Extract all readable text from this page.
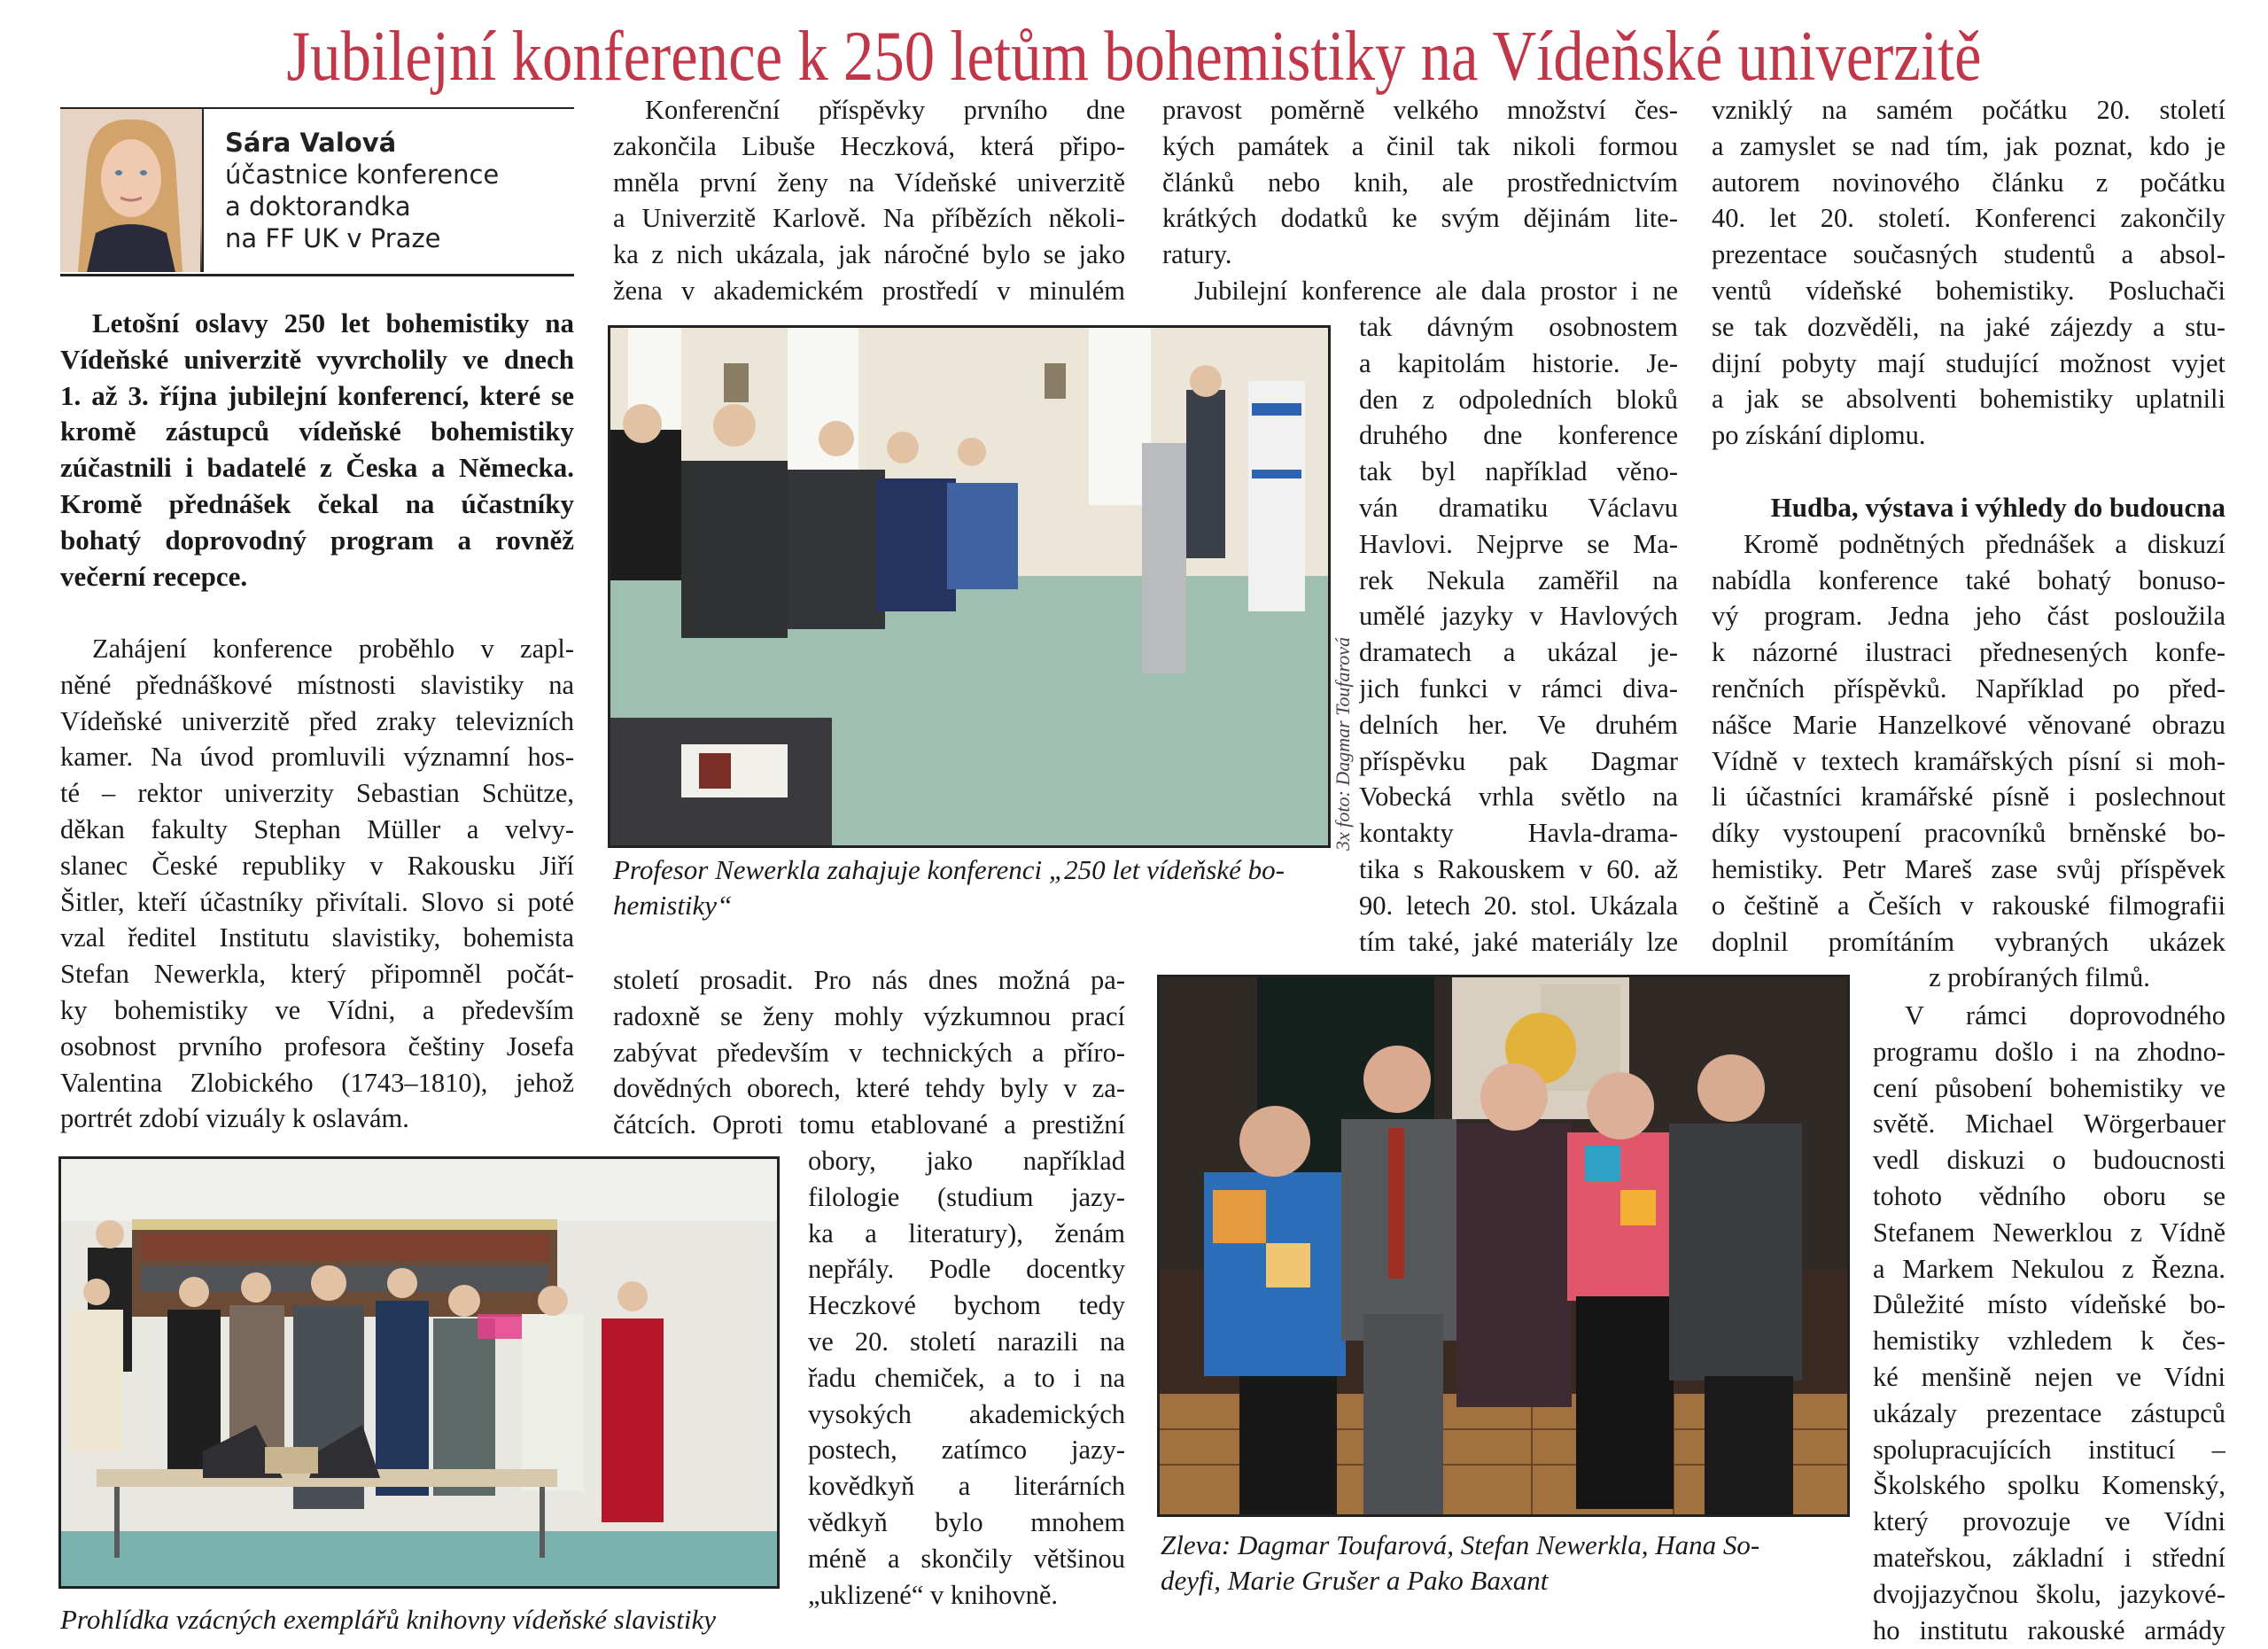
Jubilejní konference k 250 letům bohemistiky na Vídeňské univerzitě
Sára Valová
účastnice konference
a doktorandka
na FF UK v Praze
Letošní oslavy 250 let bohemistiky na
Vídeňské univerzitě vyvrcholily ve dnech
1. až 3. října jubilejní konferencí, které se
kromě zástupců vídeňské bohemistiky
zúčastnili i badatelé z Česka a Německa.
Kromě přednášek čekal na účastníky
bohatý doprovodný program a rovněž
večerní recepce.
Zahájení konference proběhlo v zapl-
něné přednáškové místnosti slavistiky na
Vídeňské univerzitě před zraky televizních
kamer. Na úvod promluvili významní hos-
té – rektor univerzity Sebastian Schütze,
děkan fakulty Stephan Müller a velvy-
slanec České republiky v Rakousku Jiří
Šitler, kteří účastníky přivítali. Slovo si poté
vzal ředitel Institutu slavistiky, bohemista
Stefan Newerkla, který připomněl počát-
ky bohemistiky ve Vídni, a především
osobnost prvního profesora češtiny Josefa
Valentina Zlobického (1743–1810), jehož
portrét zdobí vizuály k oslavám.
Prohlídka vzácných exemplářů knihovny vídeňské slavistiky
Konferenční příspěvky prvního dne
zakončila Libuše Heczková, která připo-
mněla první ženy na Vídeňské univerzitě
a Univerzitě Karlově. Na příbězích několi-
ka z nich ukázala, jak náročné bylo se jako
žena v akademickém prostředí v minulém
3x foto: Dagmar Toufarová
Profesor Newerkla zahajuje konferenci „250 let vídeňské bo-
hemistiky“
století prosadit. Pro nás dnes možná pa-
radoxně se ženy mohly výzkumnou prací
zabývat především v technických a příro-
dovědných oborech, které tehdy byly v za-
čátcích. Oproti tomu etablované a prestižní
obory, jako například
filologie (studium jazy-
ka a literatury), ženám
nepřály. Podle docentky
Heczkové bychom tedy
ve 20. století narazili na
řadu chemiček, a to i na
vysokých akademických
postech, zatímco jazy-
kovědkyň a literárních
vědkyň bylo mnohem
méně a skončily většinou
„uklizené“ v knihovně.
pravost poměrně velkého množství čes-
kých památek a činil tak nikoli formou
článků nebo knih, ale prostřednictvím
krátkých dodatků ke svým dějinám lite-
ratury.
Jubilejní konference ale dala prostor i ne
tak dávným osobnostem
a kapitolám historie. Je-
den z odpoledních bloků
druhého dne konference
tak byl například věno-
ván dramatiku Václavu
Havlovi. Nejprve se Ma-
rek Nekula zaměřil na
umělé jazyky v Havlových
dramatech a ukázal je-
jich funkci v rámci diva-
delních her. Ve druhém
příspěvku pak Dagmar
Vobecká vrhla světlo na
kontakty Havla-drama-
tika s Rakouskem v 60. až
90. letech 20. stol. Ukázala
tím také, jaké materiály lze
Zleva: Dagmar Toufarová, Stefan Newerkla, Hana So-
deyfi, Marie Grušer a Pako Baxant
vzniklý na samém počátku 20. století
a zamyslet se nad tím, jak poznat, kdo je
autorem novinového článku z počátku
40. let 20. století. Konferenci zakončily
prezentace současných studentů a absol-
ventů vídeňské bohemistiky. Posluchači
se tak dozvěděli, na jaké zájezdy a stu-
dijní pobyty mají studující možnost vyjet
a jak se absolventi bohemistiky uplatnili
po získání diplomu.
Hudba, výstava i výhledy do budoucna
Kromě podnětných přednášek a diskuzí
nabídla konference také bohatý bonuso-
vý program. Jedna jeho část posloužila
k názorné ilustraci přednesených konfe-
renčních příspěvků. Například po před-
nášce Marie Hanzelkové věnované obrazu
Vídně v textech kramářských písní si moh-
li účastníci kramářské písně i poslechnout
díky vystoupení pracovníků brněnské bo-
hemistiky. Petr Mareš zase svůj příspěvek
o češtině a Češích v rakouské filmografii
doplnil promítáním vybraných ukázek
z probíraných filmů.
V rámci doprovodného
programu došlo i na zhodno-
cení působení bohemistiky ve
světě. Michael Wörgerbauer
vedl diskuzi o budoucnosti
tohoto vědního oboru se
Stefanem Newerklou z Vídně
a Markem Nekulou z Řezna.
Důležité místo vídeňské bo-
hemistiky vzhledem k čes-
ké menšině nejen ve Vídni
ukázaly prezentace zástupců
spolupracujících institucí –
Školského spolku Komenský,
který provozuje ve Vídni
mateřskou, základní i střední
dvojjazyčnou školu, jazykové-
ho institutu rakouské armády
